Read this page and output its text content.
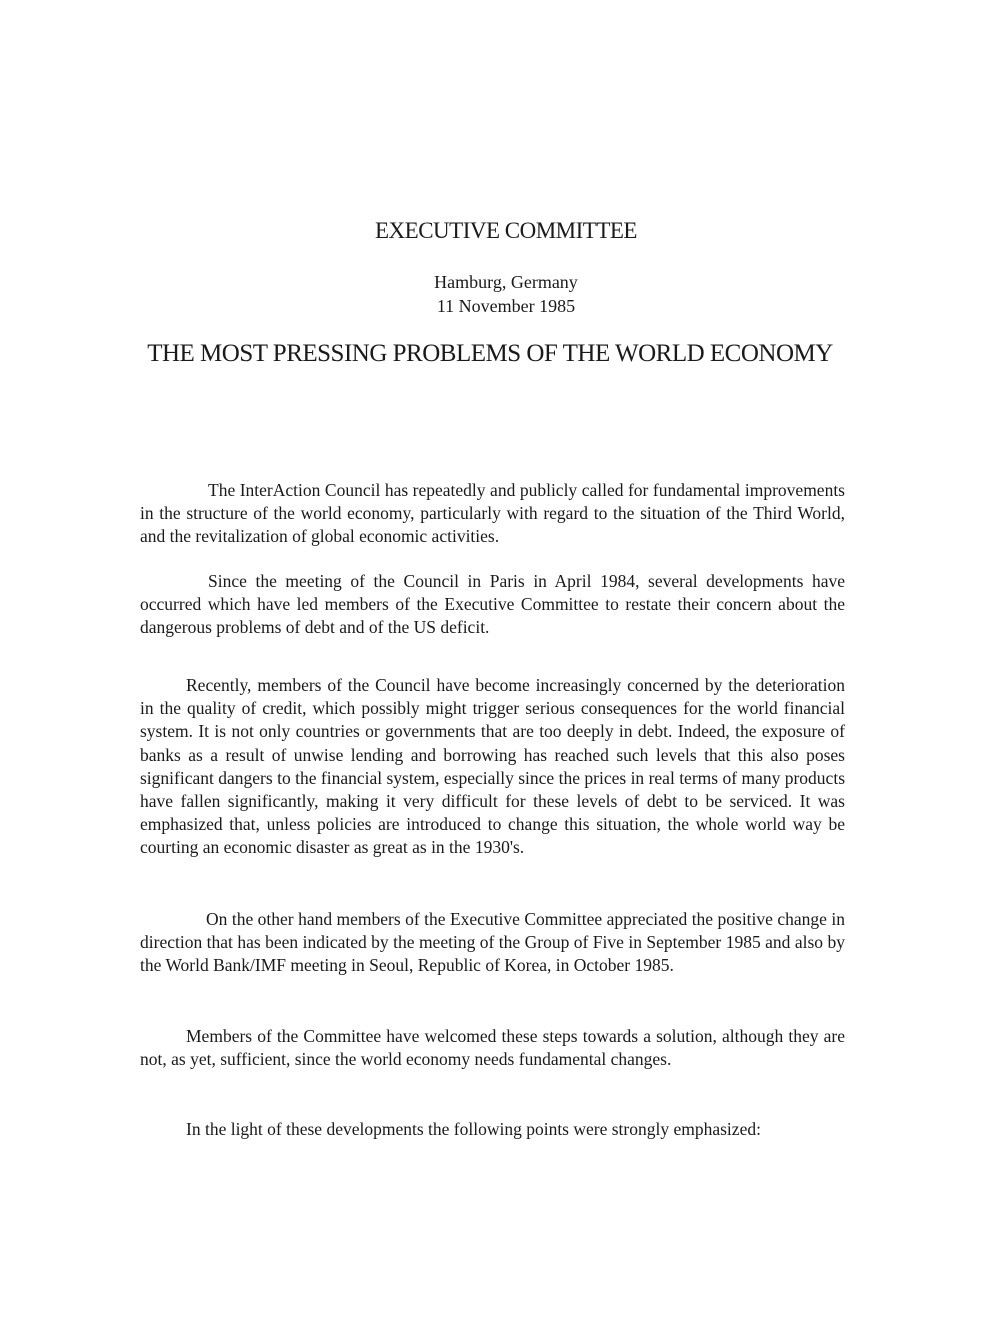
EXECUTIVE COMMITTEE
Hamburg, Germany
11 November 1985
THE MOST PRESSING PROBLEMS OF THE WORLD ECONOMY

The InterAction Council has repeatedly and publicly called for fundamental improvements in the structure of the world economy, particularly with regard to the situation of the Third World, and the revitalization of global economic activities.

Since the meeting of the Council in Paris in April 1984, several developments have occurred which have led members of the Executive Committee to restate their concern about the dangerous problems of debt and of the US deficit.

Recently, members of the Council have become increasingly concerned by the deterioration in the quality of credit, which possibly might trigger serious consequences for the world financial system. It is not only countries or governments that are too deeply in debt. Indeed, the exposure of banks as a result of unwise lending and borrowing has reached such levels that this also poses significant dangers to the financial system, especially since the prices in real terms of many products have fallen significantly, making it very difficult for these levels of debt to be serviced. It was emphasized that, unless policies are introduced to change this situation, the whole world way be courting an economic disaster as great as in the 1930's.

On the other hand members of the Executive Committee appreciated the positive change in direction that has been indicated by the meeting of the Group of Five in September 1985 and also by the World Bank/IMF meeting in Seoul, Republic of Korea, in October 1985.

Members of the Committee have welcomed these steps towards a solution, although they are not, as yet, sufficient, since the world economy needs fundamental changes.

In the light of these developments the following points were strongly emphasized:
